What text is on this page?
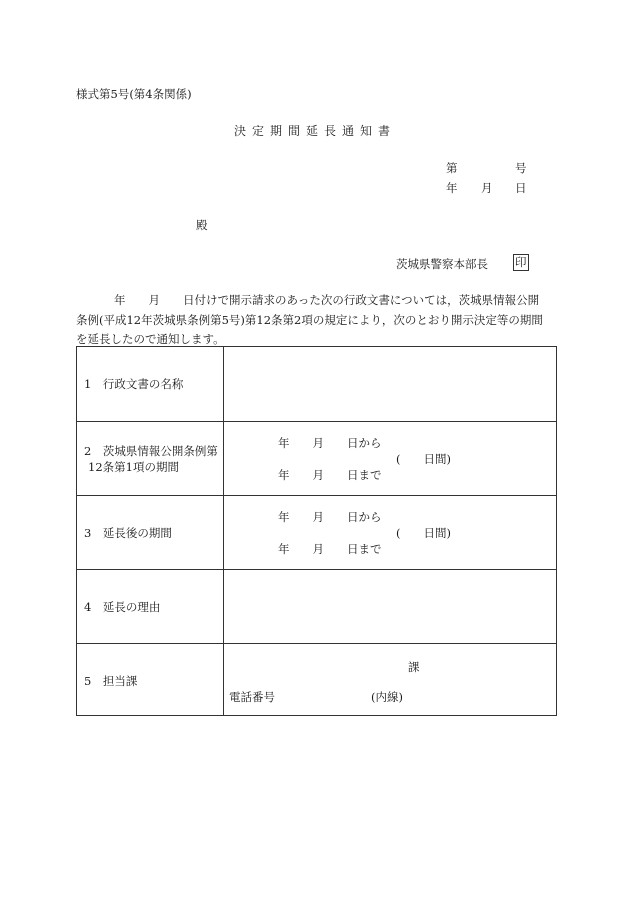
様式第5号(第4条関係)
決定期間延長通知書
第	号
年 月 日
殿
茨城県警察本部長 印
年　　月　　日付けで開示請求のあった次の行政文書については，茨城県情報公開
条例(平成12年茨城県条例第5号)第12条第2項の規定により，次のとおり開示決定等の期間
を延長したので通知します。
1　行政文書の名称
2　茨城県情報公開条例第
12条第1項の期間
年　　月　　日から
(　　日間)
年　　月　　日まで
3　延長後の期間
年　　月　　日から
(　　日間)
年　　月　　日まで
4　延長の理由
5　担当課
課
電話番号	(内線)
